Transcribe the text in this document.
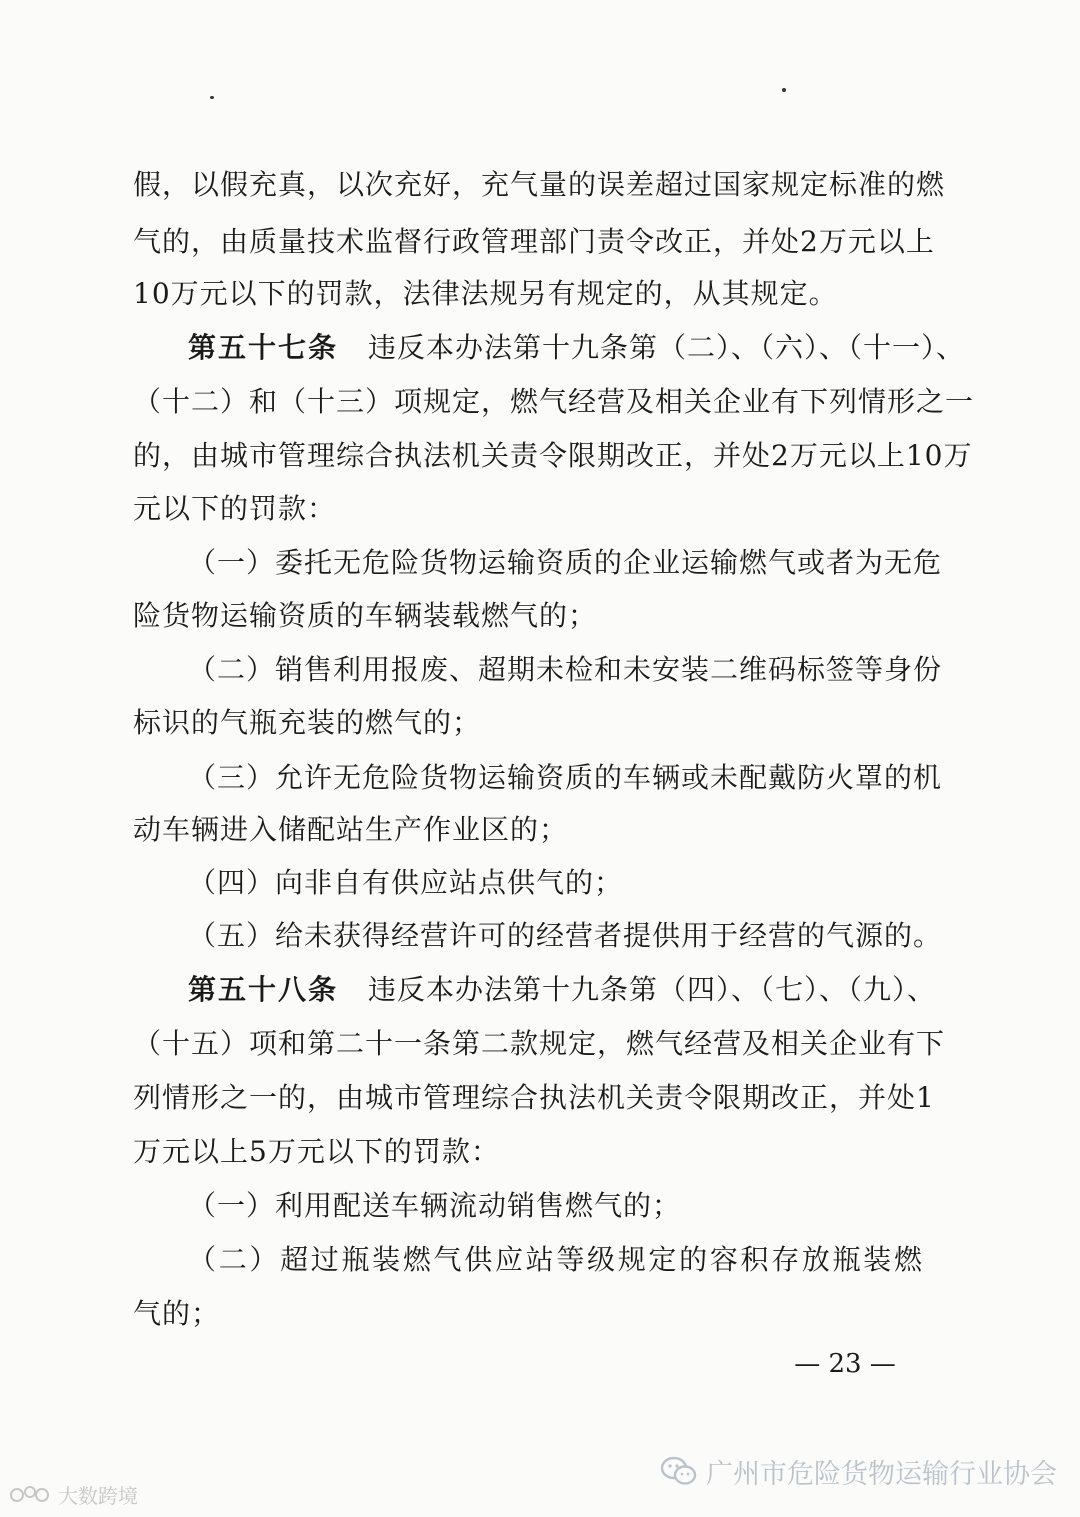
假，以假充真，以次充好，充气量的误差超过国家规定标准的燃
气的，由质量技术监督行政管理部门责令改正，并处2万元以上
10万元以下的罚款，法律法规另有规定的，从其规定。
第五十七条 违反本办法第十九条第（二）、（六）、（十一）、
（十二）和（十三）项规定，燃气经营及相关企业有下列情形之一
的，由城市管理综合执法机关责令限期改正，并处2万元以上10万
元以下的罚款：
（一）委托无危险货物运输资质的企业运输燃气或者为无危
险货物运输资质的车辆装载燃气的；
（二）销售利用报废、超期未检和未安装二维码标签等身份
标识的气瓶充装的燃气的；
（三）允许无危险货物运输资质的车辆或未配戴防火罩的机
动车辆进入储配站生产作业区的；
（四）向非自有供应站点供气的；
（五）给未获得经营许可的经营者提供用于经营的气源的。
第五十八条 违反本办法第十九条第（四）、（七）、（九）、
（十五）项和第二十一条第二款规定，燃气经营及相关企业有下
列情形之一的，由城市管理综合执法机关责令限期改正，并处1
万元以上5万元以下的罚款：
（一）利用配送车辆流动销售燃气的；
（二）超过瓶装燃气供应站等级规定的容积存放瓶装燃
气的；
— 23 —
广州市危险货物运输行业协会
大数跨境
